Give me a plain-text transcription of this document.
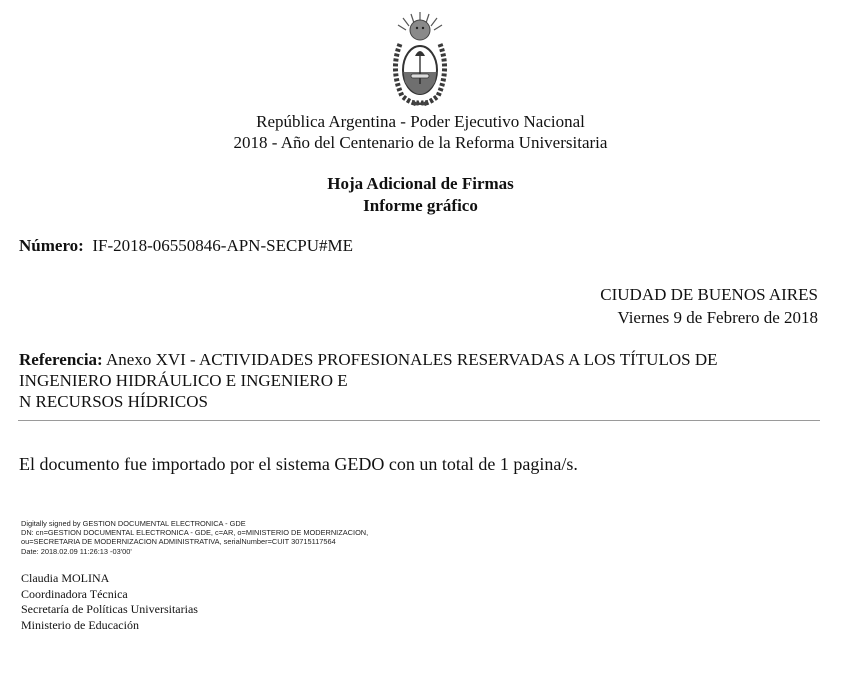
República Argentina - Poder Ejecutivo Nacional
2018 - Año del Centenario de la Reforma Universitaria
Hoja Adicional de Firmas
Informe gráfico
Número: IF-2018-06550846-APN-SECPU#ME
CIUDAD DE BUENOS AIRES
Viernes 9 de Febrero de 2018
Referencia: Anexo XVI - ACTIVIDADES PROFESIONALES RESERVADAS A LOS TÍTULOS DE
INGENIERO HIDRÁULICO E INGENIERO E
N RECURSOS HÍDRICOS
El documento fue importado por el sistema GEDO con un total de 1 pagina/s.
Digitally signed by GESTION DOCUMENTAL ELECTRONICA - GDE
DN: cn=GESTION DOCUMENTAL ELECTRONICA - GDE, c=AR, o=MINISTERIO DE MODERNIZACION,
ou=SECRETARIA DE MODERNIZACION ADMINISTRATIVA, serialNumber=CUIT 30715117564
Date: 2018.02.09 11:26:13 -03'00'
Claudia MOLINA
Coordinadora Técnica
Secretaría de Políticas Universitarias
Ministerio de Educación
